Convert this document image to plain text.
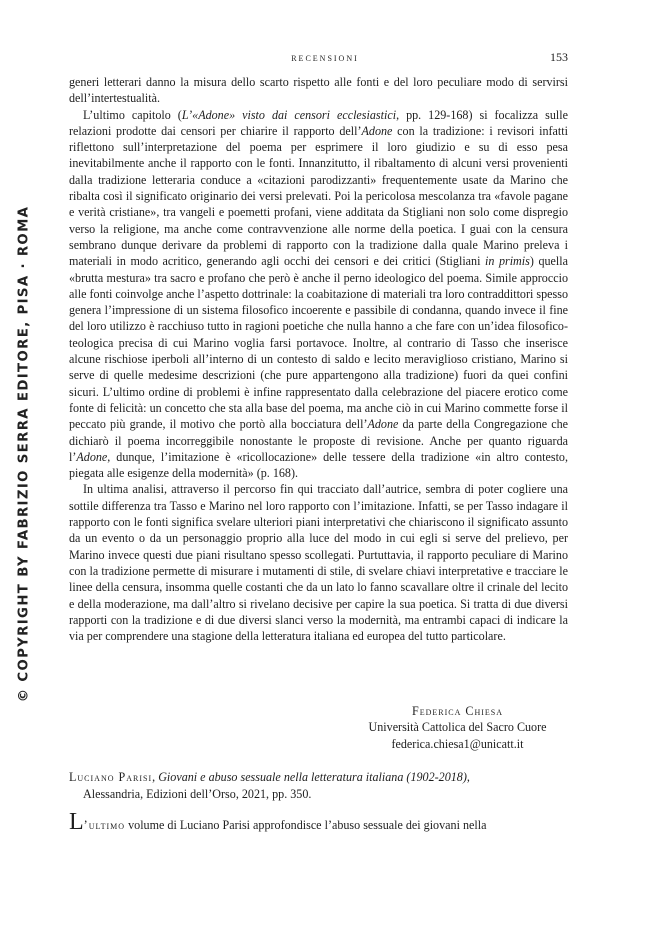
recensioni	153
© COPYRIGHT BY FABRIZIO SERRA EDITORE, PISA · ROMA

generi letterari danno la misura dello scarto rispetto alle fonti e del loro peculiare modo di servirsi dell’intertestualità.

L’ultimo capitolo (L’«Adone» visto dai censori ecclesiastici, pp. 129-168) si focalizza sulle relazioni prodotte dai censori per chiarire il rapporto dell’Adone con la tradizione: i revisori infatti riflettono sull’interpretazione del poema per esprimere il loro giudizio e su di esso pesa inevitabilmente anche il rapporto con le fonti. Innanzitutto, il ribaltamento di alcuni versi provenienti dalla tradizione letteraria conduce a «citazioni parodizzanti» frequentemente usate da Marino che ribalta così il significato originario dei versi prelevati. Poi la pericolosa mescolanza tra «favole pagane e verità cristiane», tra vangeli e poemetti profani, viene additata da Stigliani non solo come dispregio verso la religione, ma anche come contravvenzione alle norme della poetica. I guai con la censura sembrano dunque derivare da problemi di rapporto con la tradizione dalla quale Marino preleva i materiali in modo acritico, generando agli occhi dei censori e dei critici (Stigliani in primis) quella «brutta mestura» tra sacro e profano che però è anche il perno ideologico del poema. Simile approccio alle fonti coinvolge anche l’aspetto dottrinale: la coabitazione di materiali tra loro contraddittori spesso genera l’impressione di un sistema filosofico incoerente e passibile di condanna, quando invece il fine del loro utilizzo è racchiuso tutto in ragioni poetiche che nulla hanno a che fare con un’idea filosofico-teologica precisa di cui Marino voglia farsi portavoce. Inoltre, al contrario di Tasso che inserisce alcune rischiose iperboli all’interno di un contesto di saldo e lecito meraviglioso cristiano, Marino si serve di quelle medesime descrizioni (che pure appartengono alla tradizione) fuori da quei confini sicuri. L’ultimo ordine di problemi è infine rappresentato dalla celebrazione del piacere erotico come fonte di felicità: un concetto che sta alla base del poema, ma anche ciò in cui Marino commette forse il peccato più grande, il motivo che portò alla bocciatura dell’Adone da parte della Congregazione che dichiarò il poema incorreggibile nonostante le proposte di revisione. Anche per quanto riguarda l’Adone, dunque, l’imitazione è «ricollocazione» delle tessere della tradizione «in altro contesto, piegata alle esigenze della modernità» (p. 168).

In ultima analisi, attraverso il percorso fin qui tracciato dall’autrice, sembra di poter cogliere una sottile differenza tra Tasso e Marino nel loro rapporto con l’imitazione. Infatti, se per Tasso indagare il rapporto con le fonti significa svelare ulteriori piani interpretativi che chiariscono il significato assunto da un evento o da un personaggio proprio alla luce del modo in cui egli si serve del prelievo, per Marino invece questi due piani risultano spesso scollegati. Purtuttavia, il rapporto peculiare di Marino con la tradizione permette di misurare i mutamenti di stile, di svelare chiavi interpretative e tracciare le linee della censura, insomma quelle costanti che da un lato lo fanno scavallare oltre il crinale del lecito e della moderazione, ma dall’altro si rivelano decisive per capire la sua poetica. Si tratta di due diversi rapporti con la tradizione e di due diversi slanci verso la modernità, ma entrambi capaci di indicare la via per comprendere una stagione della letteratura italiana ed europea del tutto particolare.

Federica Chiesa
Università Cattolica del Sacro Cuore
federica.chiesa1@unicatt.it
Luciano Parisi, Giovani e abuso sessuale nella letteratura italiana (1902-2018),
Alessandria, Edizioni dell’Orso, 2021, pp. 350.
L’ultimo volume di Luciano Parisi approfondisce l’abuso sessuale dei giovani nella
